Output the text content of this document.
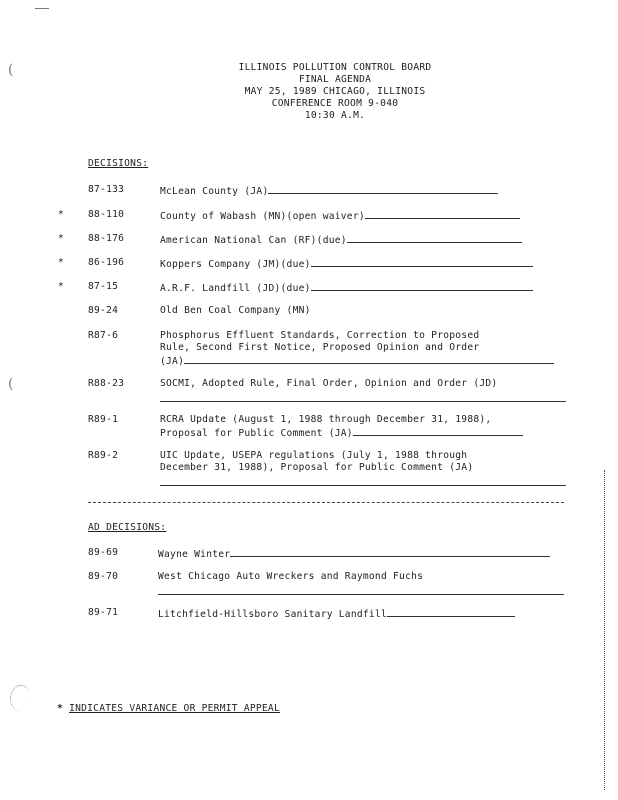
(
(
ILLINOIS POLLUTION CONTROL BOARD
FINAL AGENDA
MAY 25, 1989 CHICAGO, ILLINOIS
CONFERENCE ROOM 9-040
10:30 A.M.
DECISIONS:
87-133	McLean County (JA)
* 88-110	County of Wabash (MN)(open waiver)
* 88-176	American National Can (RF)(due)
* 86-196	Koppers Company (JM)(due)
* 87-15	A.R.F. Landfill (JD)(due)
89-24	Old Ben Coal Company (MN)
R87-6	Phosphorus Effluent Standards, Correction to Proposed
Rule, Second First Notice, Proposed Opinion and Order
(JA)
R88-23	SOCMI, Adopted Rule, Final Order, Opinion and Order (JD)
R89-1	RCRA Update (August 1, 1988 through December 31, 1988),
Proposal for Public Comment (JA)
R89-2	UIC Update, USEPA regulations (July 1, 1988 through
December 31, 1988), Proposal for Public Comment (JA)
AD DECISIONS:
89-69	Wayne Winter
89-70	West Chicago Auto Wreckers and Raymond Fuchs
89-71	Litchfield-Hillsboro Sanitary Landfill
* INDICATES VARIANCE OR PERMIT APPEAL
